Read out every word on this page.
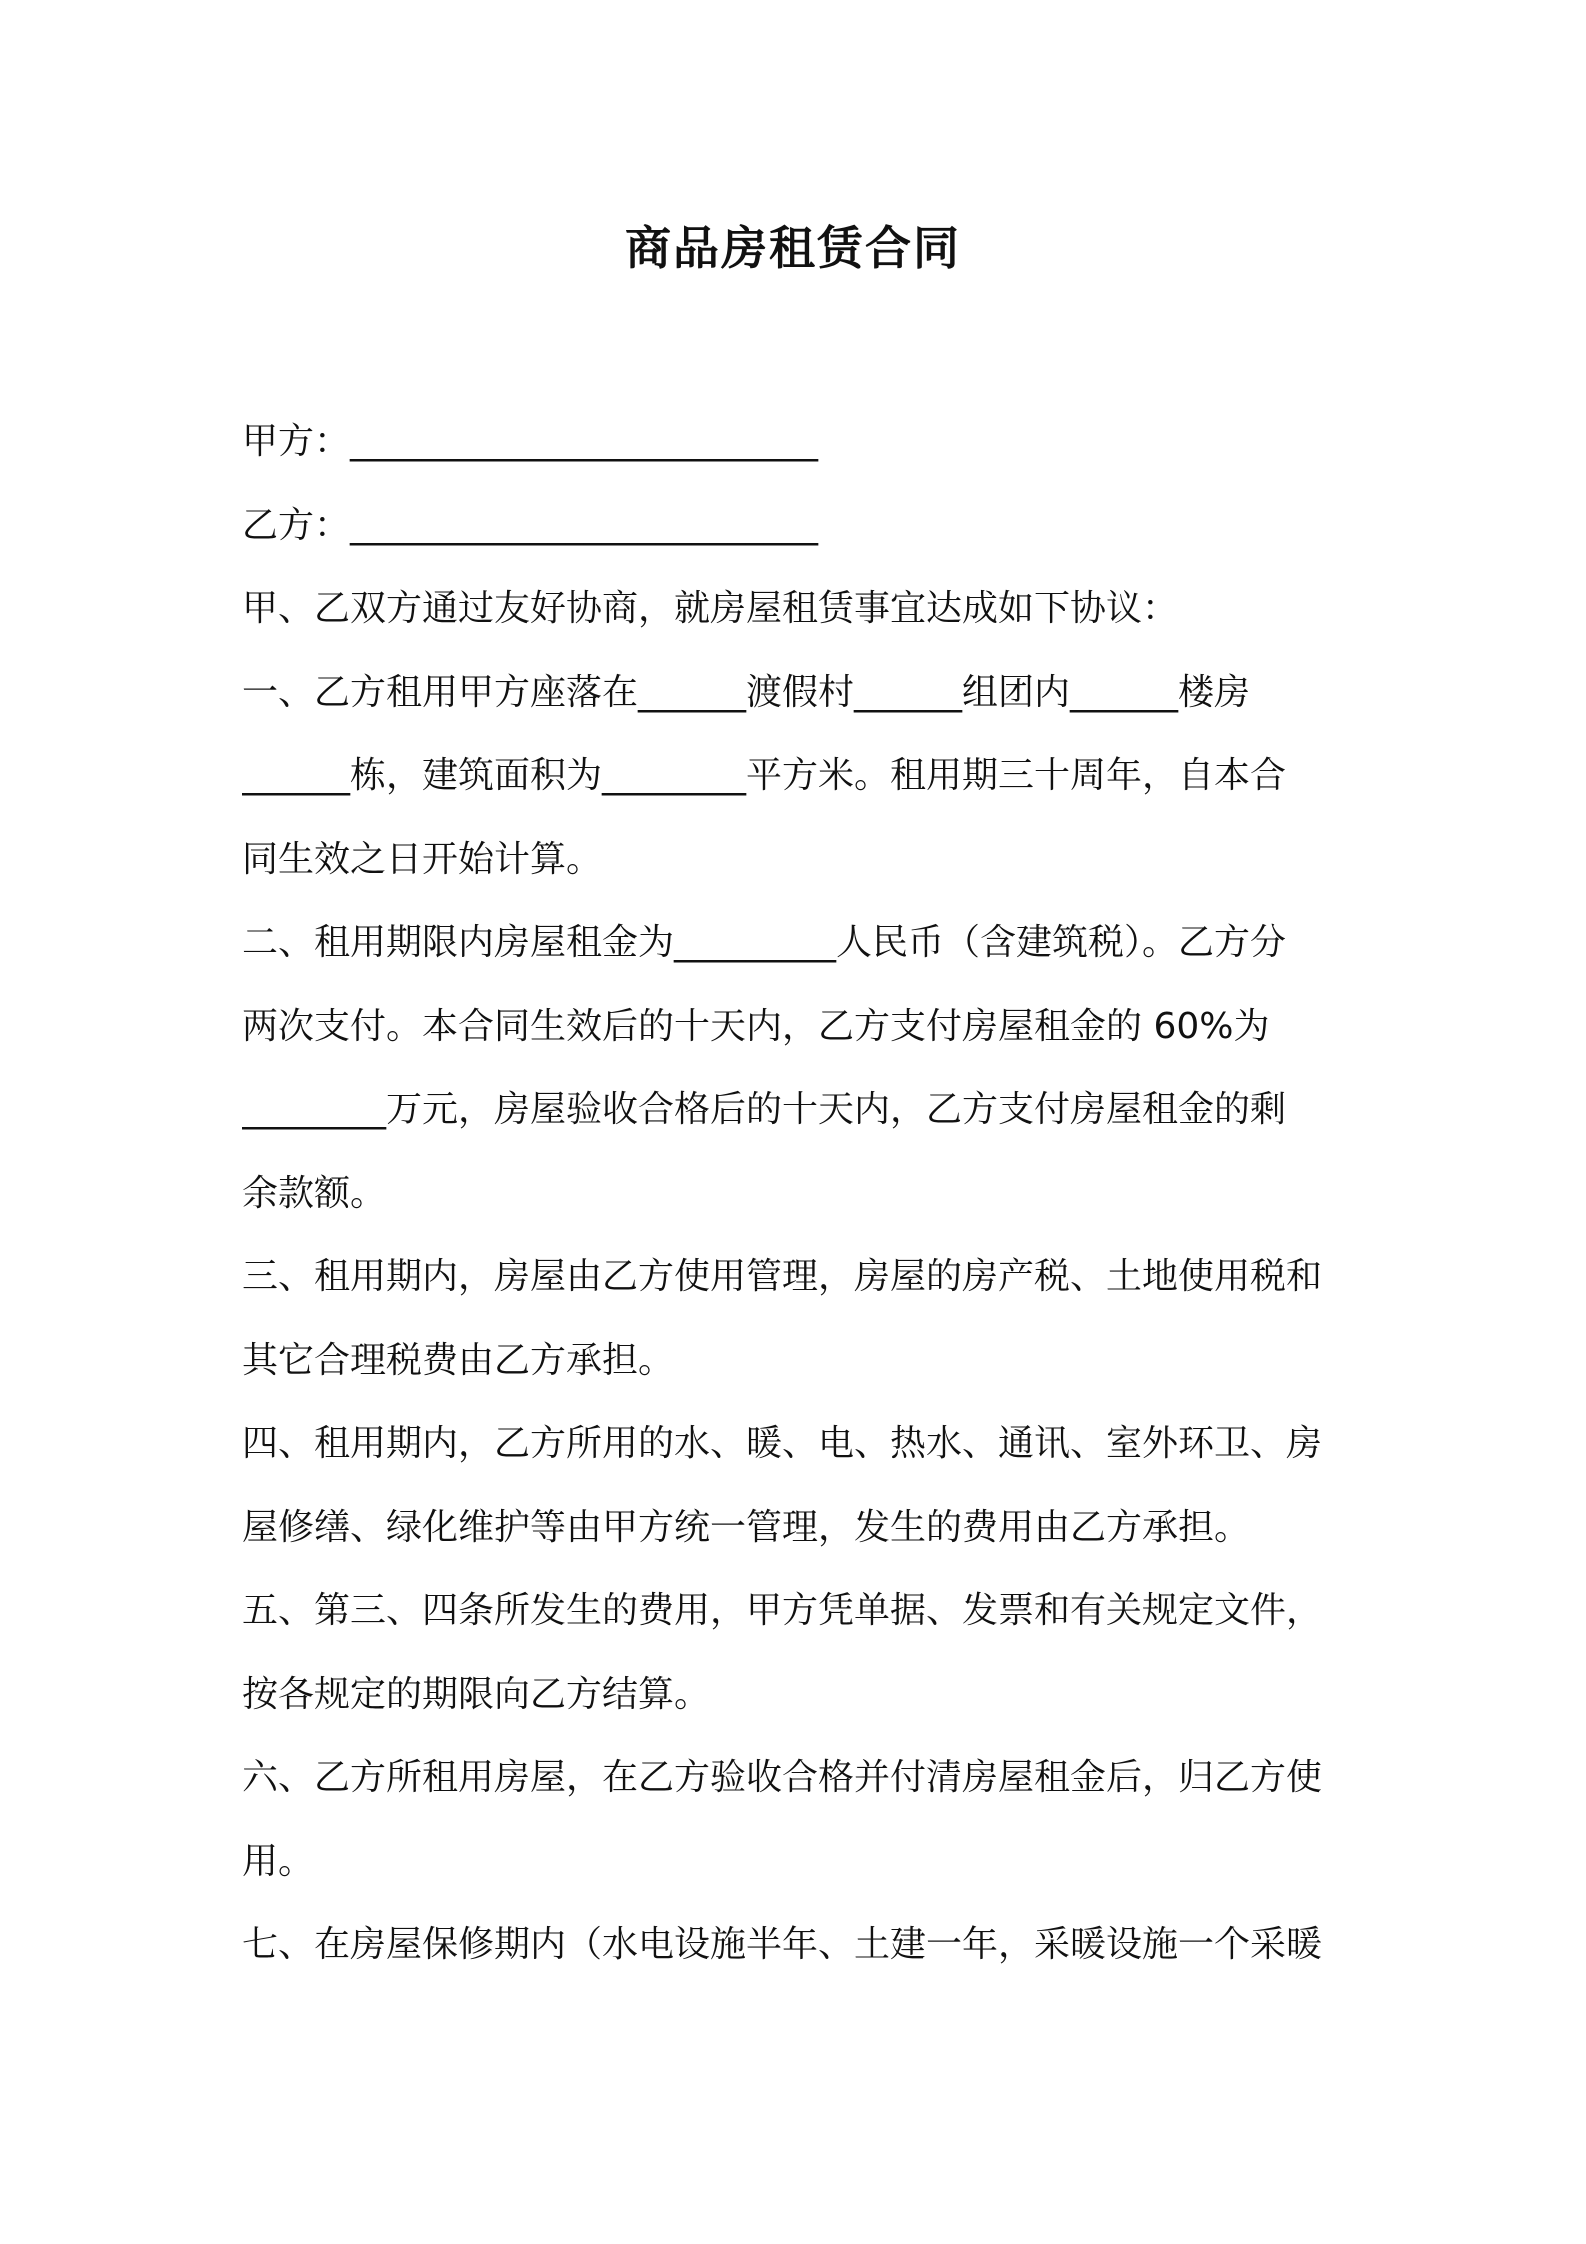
商品房租赁合同
甲方：__________________________
乙方：__________________________
甲、乙双方通过友好协商，就房屋租赁事宜达成如下协议：
一、乙方租用甲方座落在______渡假村______组团内______楼房
______栋，建筑面积为________平方米。租用期三十周年，自本合
同生效之日开始计算。
二、租用期限内房屋租金为_________人民币（含建筑税）。乙方分
两次支付。本合同生效后的十天内，乙方支付房屋租金的 60%为
________万元，房屋验收合格后的十天内，乙方支付房屋租金的剩
余款额。
三、租用期内，房屋由乙方使用管理，房屋的房产税、土地使用税和
其它合理税费由乙方承担。
四、租用期内，乙方所用的水、暖、电、热水、通讯、室外环卫、房
屋修缮、绿化维护等由甲方统一管理，发生的费用由乙方承担。
五、第三、四条所发生的费用，甲方凭单据、发票和有关规定文件，
按各规定的期限向乙方结算。
六、乙方所租用房屋，在乙方验收合格并付清房屋租金后，归乙方使
用。
七、在房屋保修期内（水电设施半年、土建一年，采暖设施一个采暖
